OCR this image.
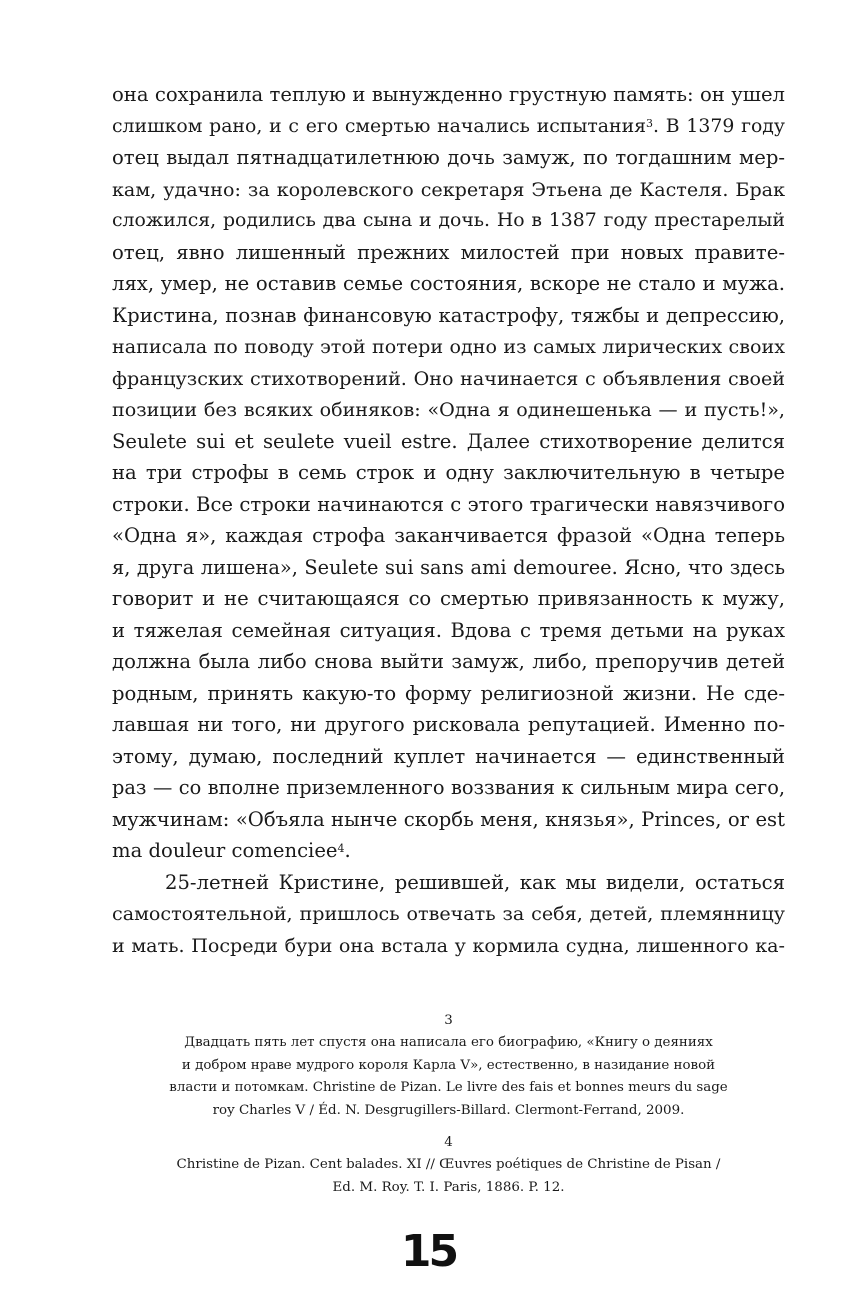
она сохранила теплую и вынужденно грустную память: он ушел
слишком рано, и с его смертью начались испытания$^3$. В 1379 году
отец выдал пятнадцатилетнюю дочь замуж, по тогдашним мер-
кам, удачно: за королевского секретаря Этьена де Кастеля. Брак
сложился, родились два сына и дочь. Но в 1387 году престарелый
отец, явно лишенный прежних милостей при новых правите-
лях, умер, не оставив семье состояния, вскоре не стало и мужа.
Кристина, познав финансовую катастрофу, тяжбы и депрессию,
написала по поводу этой потери одно из самых лирических своих
французских стихотворений. Оно начинается с объявления своей
позиции без всяких обиняков: «Одна я одинешенька — и пусть!»,
Seulete sui et seulete vueil estre. Далее стихотворение делится
на три строфы в семь строк и одну заключительную в четыре
строки. Все строки начинаются с этого трагически навязчивого
«Одна я», каждая строфа заканчивается фразой «Одна теперь
я, друга лишена», Seulete sui sans ami demouree. Ясно, что здесь
говорит и не считающаяся со смертью привязанность к мужу,
и тяжелая семейная ситуация. Вдова с тремя детьми на руках
должна была либо снова выйти замуж, либо, препоручив детей
родным, принять какую-то форму религиозной жизни. Не сде-
лавшая ни того, ни другого рисковала репутацией. Именно по-
этому, думаю, последний куплет начинается — единственный
раз — со вполне приземленного воззвания к сильным мира сего,
мужчинам: «Объяла нынче скорбь меня, князья», Princes, or est
ma douleur comenciee$^4$.
25-летней Кристине, решившей, как мы видели, остаться
самостоятельной, пришлось отвечать за себя, детей, племянницу
и мать. Посреди бури она встала у кормила судна, лишенного ка-
3
Двадцать пять лет спустя она написала его биографию, «Книгу о деяниях
и добром нраве мудрого короля Карла V», естественно, в назидание новой
власти и потомкам. Christine de Pizan. Le livre des fais et bonnes meurs du sage
roy Charles V / Éd. N. Desgrugillers-Billard. Clermont-Ferrand, 2009.
4
Christine de Pizan. Cent balades. XI // Œuvres poétiques de Christine de Pisan /
Ed. M. Roy. T. I. Paris, 1886. P. 12.
15
